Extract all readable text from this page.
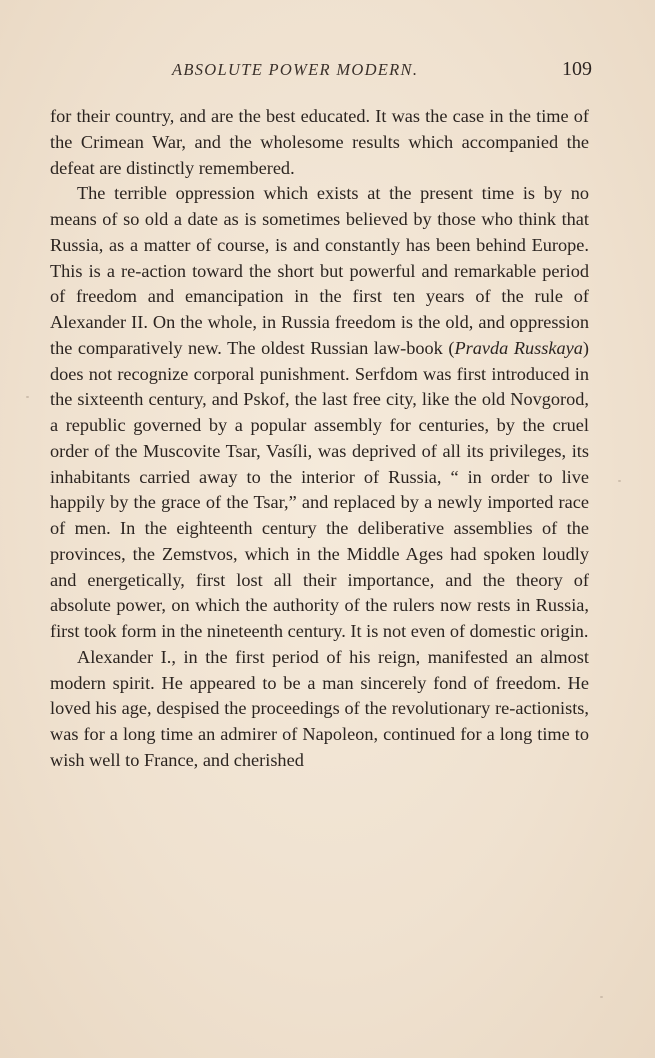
ABSOLUTE POWER MODERN.	109

for their country, and are the best educated. It was the case in the time of the Crimean War, and the wholesome results which accompanied the defeat are distinctly remembered.

The terrible oppression which exists at the present time is by no means of so old a date as is sometimes believed by those who think that Russia, as a matter of course, is and constantly has been behind Europe. This is a re-action toward the short but powerful and remarkable period of freedom and emancipation in the first ten years of the rule of Alexander II. On the whole, in Russia freedom is the old, and oppression the comparatively new. The oldest Russian law-book (Pravda Russkaya) does not recognize corporal punishment. Serfdom was first introduced in the sixteenth century, and Pskof, the last free city, like the old Novgorod, a republic governed by a popular assembly for centuries, by the cruel order of the Muscovite Tsar, Vasíli, was deprived of all its privileges, its inhabitants carried away to the interior of Russia, “ in order to live happily by the grace of the Tsar,” and replaced by a newly imported race of men. In the eighteenth century the deliberative assemblies of the provinces, the Zemstvos, which in the Middle Ages had spoken loudly and energetically, first lost all their importance, and the theory of absolute power, on which the authority of the rulers now rests in Russia, first took form in the nineteenth century. It is not even of domestic origin.

Alexander I., in the first period of his reign, manifested an almost modern spirit. He appeared to be a man sincerely fond of freedom. He loved his age, despised the proceedings of the revolutionary re-actionists, was for a long time an admirer of Napoleon, continued for a long time to wish well to France, and cherished
